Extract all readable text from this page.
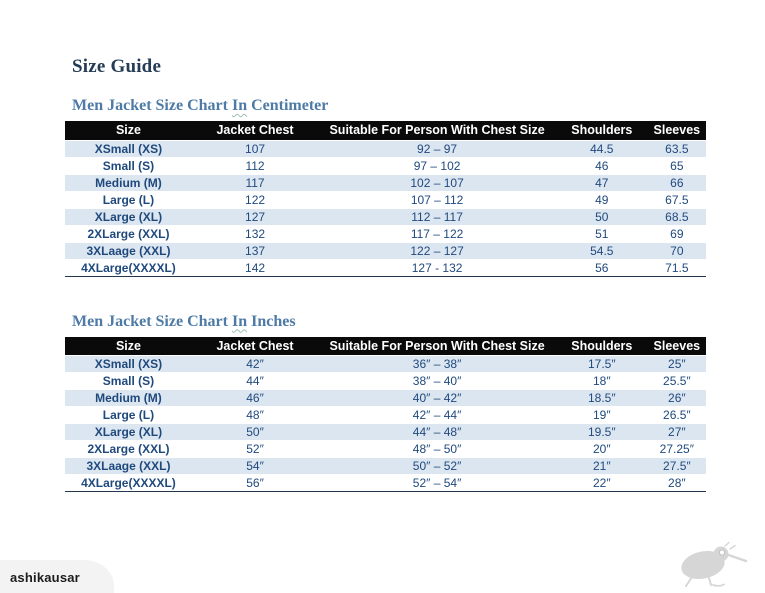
Size Guide
Men Jacket Size Chart In Centimeter
Size	Jacket Chest	Suitable For Person With Chest Size	Shoulders	Sleeves
XSmall (XS)	107	92 – 97	44.5	63.5
Small (S)	112	97 – 102	46	65
Medium (M)	117	102 – 107	47	66
Large (L)	122	107 – 112	49	67.5
XLarge (XL)	127	112 – 117	50	68.5
2XLarge (XXL)	132	117 – 122	51	69
3XLaage (XXL)	137	122 – 127	54.5	70
4XLarge(XXXXL)	142	127 - 132	56	71.5
Men Jacket Size Chart In Inches
Size	Jacket Chest	Suitable For Person With Chest Size	Shoulders	Sleeves
XSmall (XS)	42″	36″ – 38″	17.5″	25″
Small (S)	44″	38″ – 40″	18″	25.5″
Medium (M)	46″	40″ – 42″	18.5″	26″
Large (L)	48″	42″ – 44″	19″	26.5″
XLarge (XL)	50″	44″ – 48″	19.5″	27″
2XLarge (XXL)	52″	48″ – 50″	20″	27.25″
3XLaage (XXL)	54″	50″ – 52″	21″	27.5″
4XLarge(XXXXL)	56″	52″ – 54″	22″	28″
ashikausar
